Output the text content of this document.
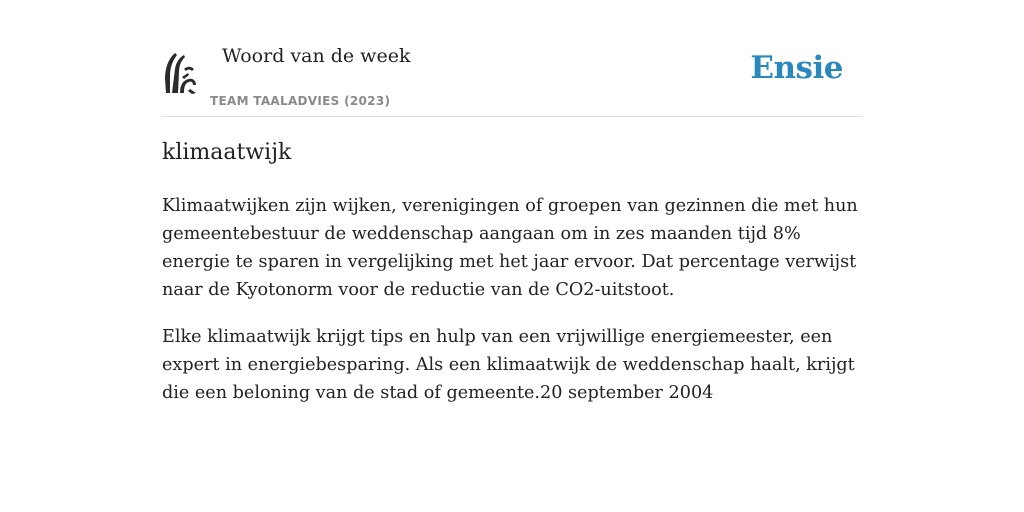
Woord van de week
TEAM TAALADVIES (2023)
Ensie
klimaatwijk

Klimaatwijken zijn wijken, verenigingen of groepen van gezinnen die met hun gemeentebestuur de weddenschap aangaan om in zes maanden tijd 8% energie te sparen in vergelijking met het jaar ervoor. Dat percentage verwijst naar de Kyotonorm voor de reductie van de CO2-uitstoot.

Elke klimaatwijk krijgt tips en hulp van een vrijwillige energiemeester, een expert in energiebesparing. Als een klimaatwijk de weddenschap haalt, krijgt die een beloning van de stad of gemeente.20 september 2004
